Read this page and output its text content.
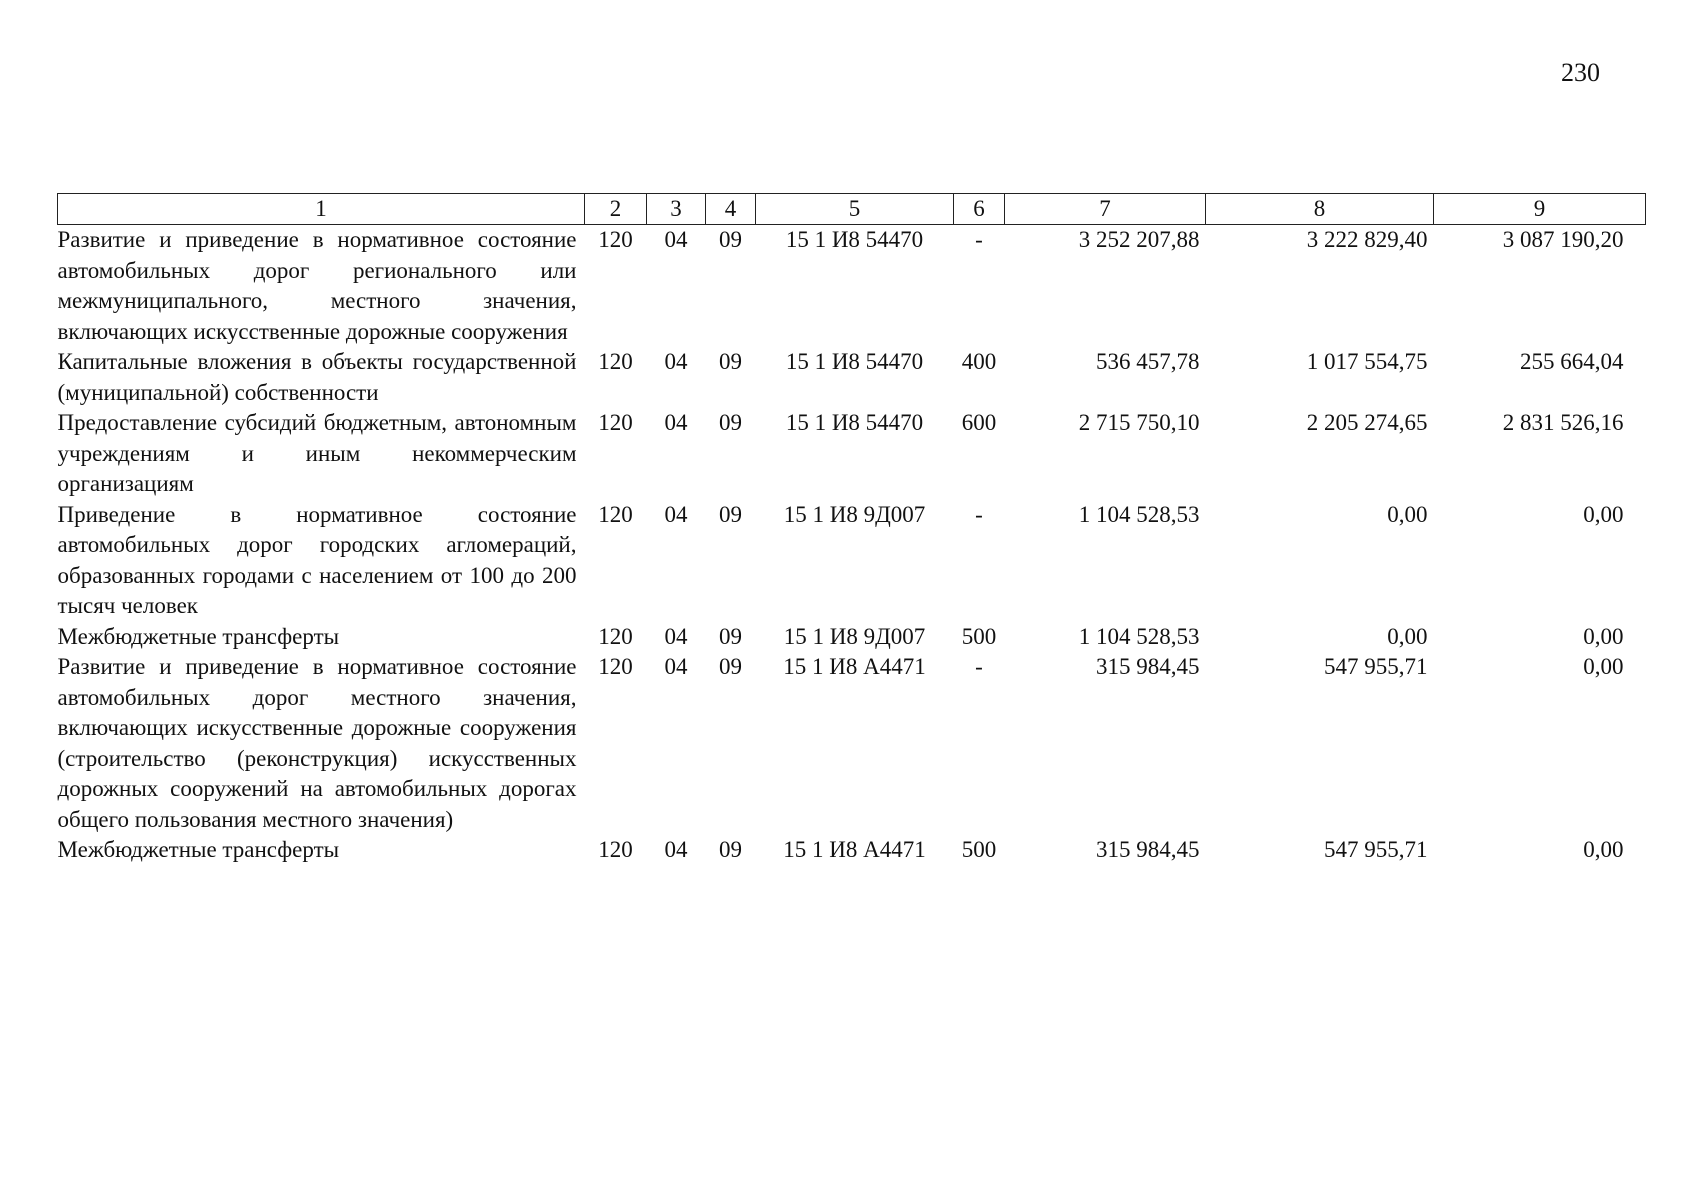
230
1	2	3	4	5	6	7	8	9
Развитие и приведение в нормативное состояние автомобильных дорог регионального или межмуниципального, местного значения, включающих искусственные дорожные сооружения	120	04	09	15 1 И8 54470	-	3 252 207,88	3 222 829,40	3 087 190,20
Капитальные вложения в объекты государственной (муниципальной) собственности	120	04	09	15 1 И8 54470	400	536 457,78	1 017 554,75	255 664,04
Предоставление субсидий бюджетным, автономным учреждениям и иным некоммерческим организациям	120	04	09	15 1 И8 54470	600	2 715 750,10	2 205 274,65	2 831 526,16
Приведение в нормативное состояние автомобильных дорог городских агломераций, образованных городами с населением от 100 до 200 тысяч человек	120	04	09	15 1 И8 9Д007	-	1 104 528,53	0,00	0,00
Межбюджетные трансферты	120	04	09	15 1 И8 9Д007	500	1 104 528,53	0,00	0,00
Развитие и приведение в нормативное состояние автомобильных дорог местного значения, включающих искусственные дорожные сооружения (строительство (реконструкция) искусственных дорожных сооружений на автомобильных дорогах общего пользования местного значения)	120	04	09	15 1 И8 А4471	-	315 984,45	547 955,71	0,00
Межбюджетные трансферты	120	04	09	15 1 И8 А4471	500	315 984,45	547 955,71	0,00
